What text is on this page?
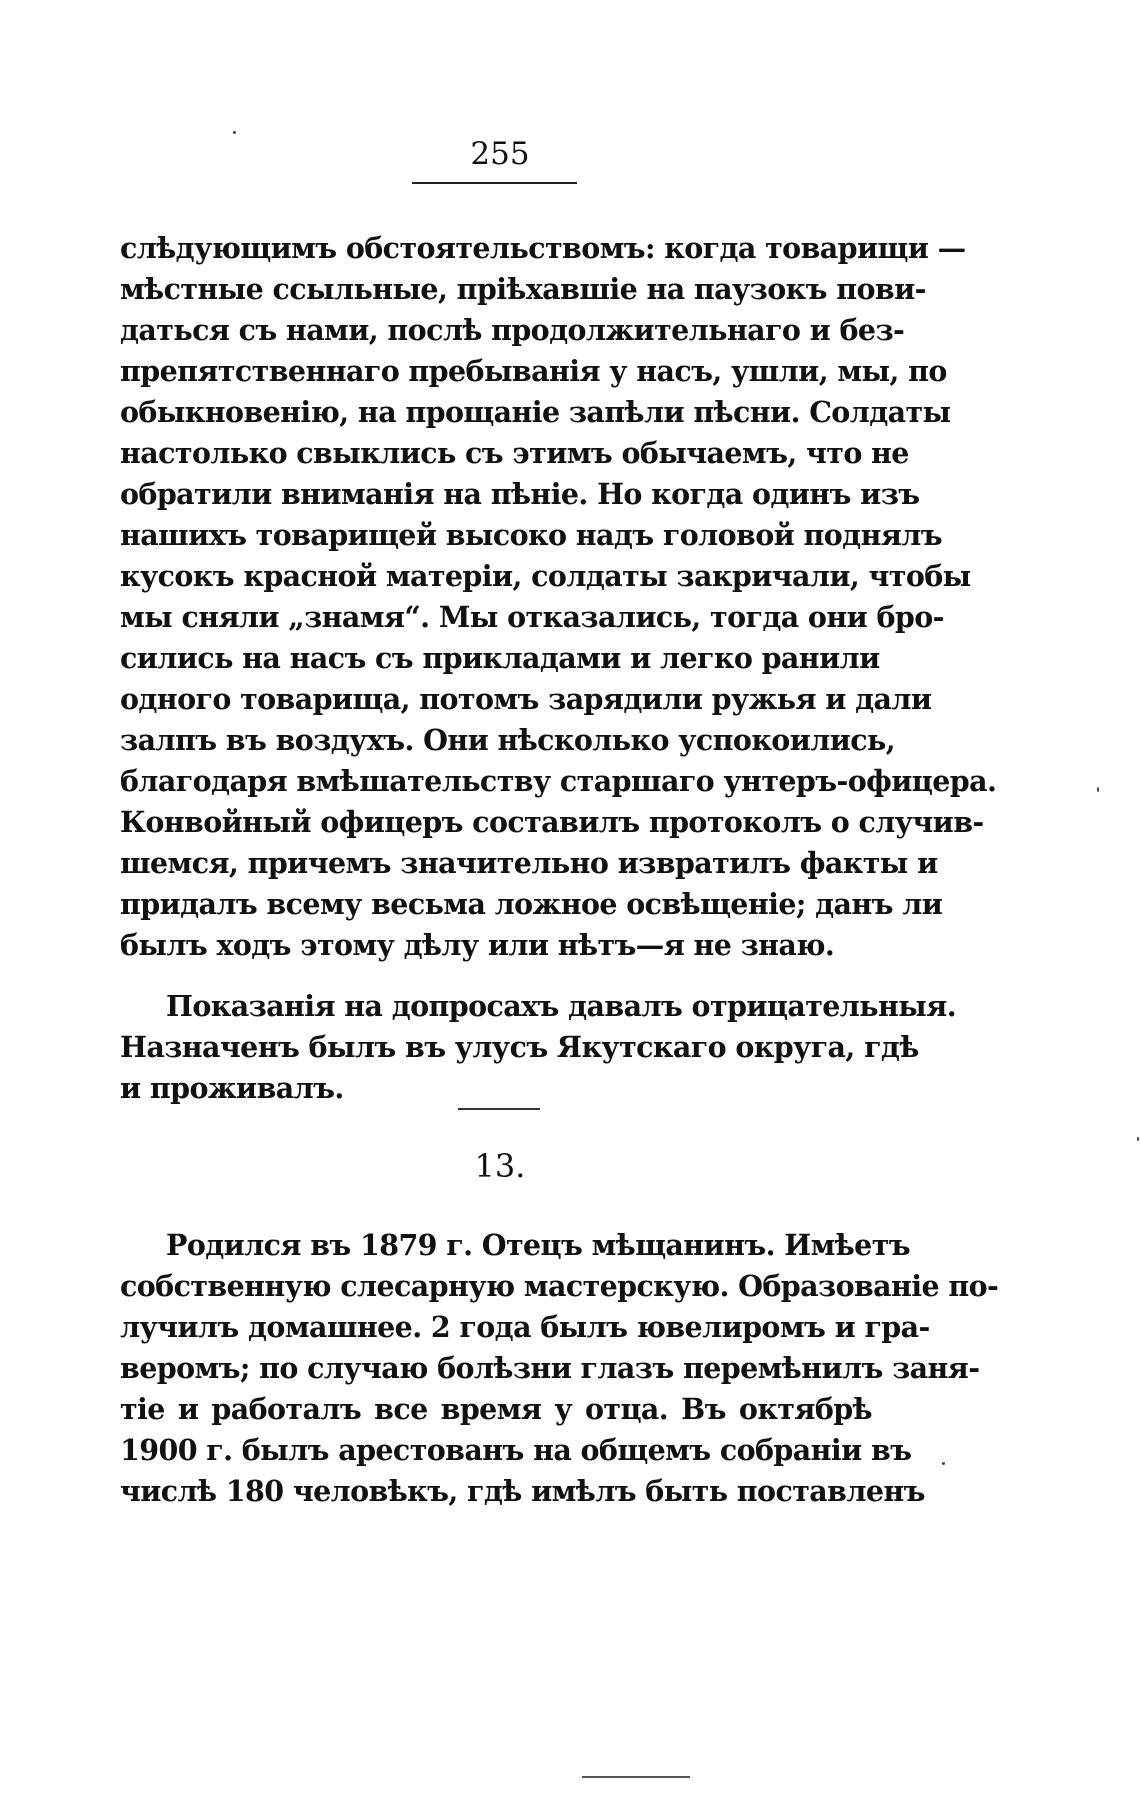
255
слѣдующимъ обстоятельствомъ: когда товарищи —
мѣстные ссыльные, пріѣхавшіе на паузокъ пови-
даться съ нами, послѣ продолжительнаго и без-
препятственнаго пребыванія у насъ, ушли, мы, по
обыкновенію, на прощаніе запѣли пѣсни. Солдаты
настолько свыклись съ этимъ обычаемъ, что не
обратили вниманія на пѣніе. Но когда одинъ изъ
нашихъ товарищей высоко надъ головой поднялъ
кусокъ красной матеріи, солдаты закричали, чтобы
мы сняли „знамя“. Мы отказались, тогда они бро-
сились на насъ съ прикладами и легко ранили
одного товарища, потомъ зарядили ружья и дали
залпъ въ воздухъ. Они нѣсколько успокоились,
благодаря вмѣшательству старшаго унтеръ-офицера.
Конвойный офицеръ составилъ протоколъ о случив-
шемся, причемъ значительно извратилъ факты и
придалъ всему весьма ложное освѣщеніе; данъ ли
былъ ходъ этому дѣлу или нѣтъ—я не знаю.
Показанія на допросахъ давалъ отрицательныя.
Назначенъ былъ въ улусъ Якутскаго округа, гдѣ
и проживалъ.
13.
Родился въ 1879 г. Отецъ мѣщанинъ. Имѣетъ
собственную слесарную мастерскую. Образованіе по-
лучилъ домашнее. 2 года былъ ювелиромъ и гра-
веромъ; по случаю болѣзни глазъ перемѣнилъ заня-
тіе и работалъ все время у отца. Въ октябрѣ
1900 г. былъ арестованъ на общемъ собраніи въ
числѣ 180 человѣкъ, гдѣ имѣлъ быть поставленъ
